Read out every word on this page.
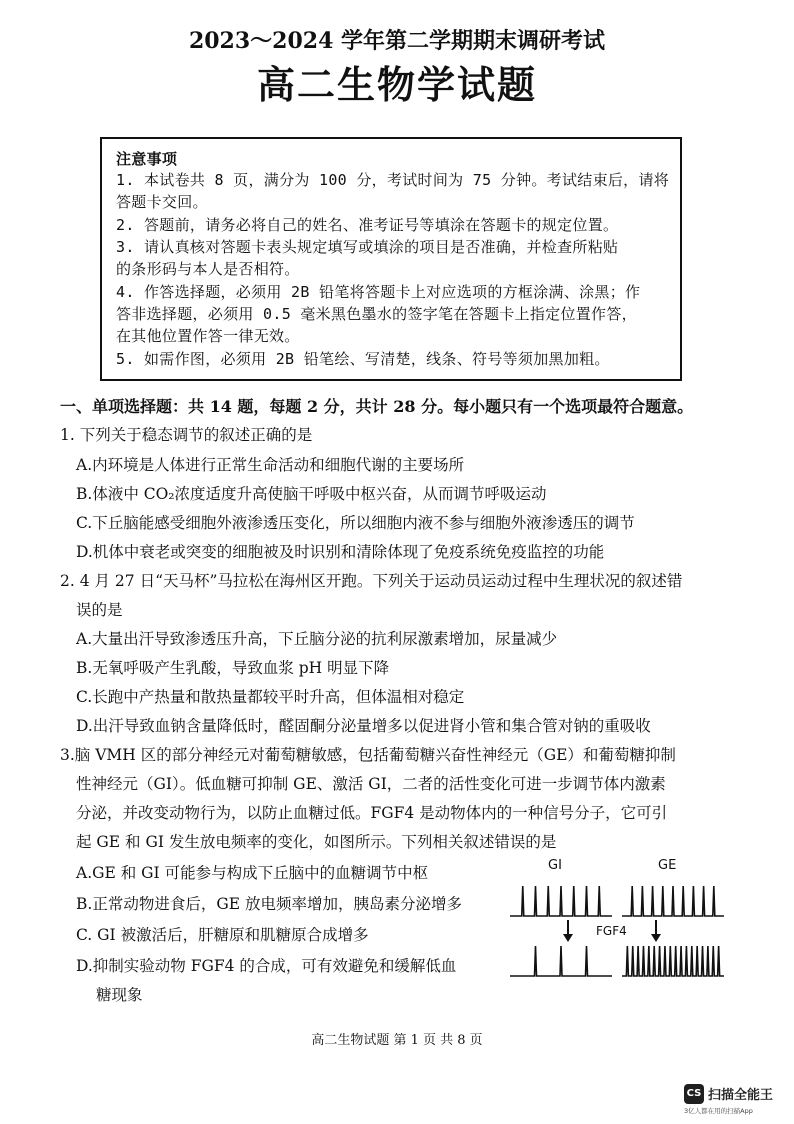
2023～2024 学年第二学期期末调研考试
高二生物学试题
注意事项
1. 本试卷共 8 页，满分为 100 分，考试时间为 75 分钟。考试结束后，请将
答题卡交回。
2. 答题前，请务必将自己的姓名、准考证号等填涂在答题卡的规定位置。
3. 请认真核对答题卡表头规定填写或填涂的项目是否准确，并检查所粘贴
的条形码与本人是否相符。
4. 作答选择题，必须用 2B 铅笔将答题卡上对应选项的方框涂满、涂黑；作
答非选择题，必须用 0.5 毫米黑色墨水的签字笔在答题卡上指定位置作答，
在其他位置作答一律无效。
5. 如需作图，必须用 2B 铅笔绘、写清楚，线条、符号等须加黑加粗。
一、单项选择题：共 14 题，每题 2 分，共计 28 分。每小题只有一个选项最符合题意。
1. 下列关于稳态调节的叙述正确的是
A.内环境是人体进行正常生命活动和细胞代谢的主要场所
B.体液中 CO₂浓度适度升高使脑干呼吸中枢兴奋，从而调节呼吸运动
C.下丘脑能感受细胞外液渗透压变化，所以细胞内液不参与细胞外液渗透压的调节
D.机体中衰老或突变的细胞被及时识别和清除体现了免疫系统免疫监控的功能
2. 4 月 27 日“天马杯”马拉松在海州区开跑。下列关于运动员运动过程中生理状况的叙述错
误的是
A.大量出汗导致渗透压升高，下丘脑分泌的抗利尿激素增加，尿量减少
B.无氧呼吸产生乳酸，导致血浆 pH 明显下降
C.长跑中产热量和散热量都较平时升高，但体温相对稳定
D.出汗导致血钠含量降低时，醛固酮分泌量增多以促进肾小管和集合管对钠的重吸收
3.脑 VMH 区的部分神经元对葡萄糖敏感，包括葡萄糖兴奋性神经元（GE）和葡萄糖抑制
性神经元（GI）。低血糖可抑制 GE、激活 GI，二者的活性变化可进一步调节体内激素
分泌，并改变动物行为，以防止血糖过低。FGF4 是动物体内的一种信号分子，它可引
起 GE 和 GI 发生放电频率的变化，如图所示。下列相关叙述错误的是
A.GE 和 GI 可能参与构成下丘脑中的血糖调节中枢
B.正常动物进食后，GE 放电频率增加，胰岛素分泌增多
C. GI 被激活后，肝糖原和肌糖原合成增多
D.抑制实验动物 FGF4 的合成，可有效避免和缓解低血
糖现象
GI	GE
FGF4
高二生物试题 第 1 页 共 8 页
CS 扫描全能王
3亿人都在用的扫描App
